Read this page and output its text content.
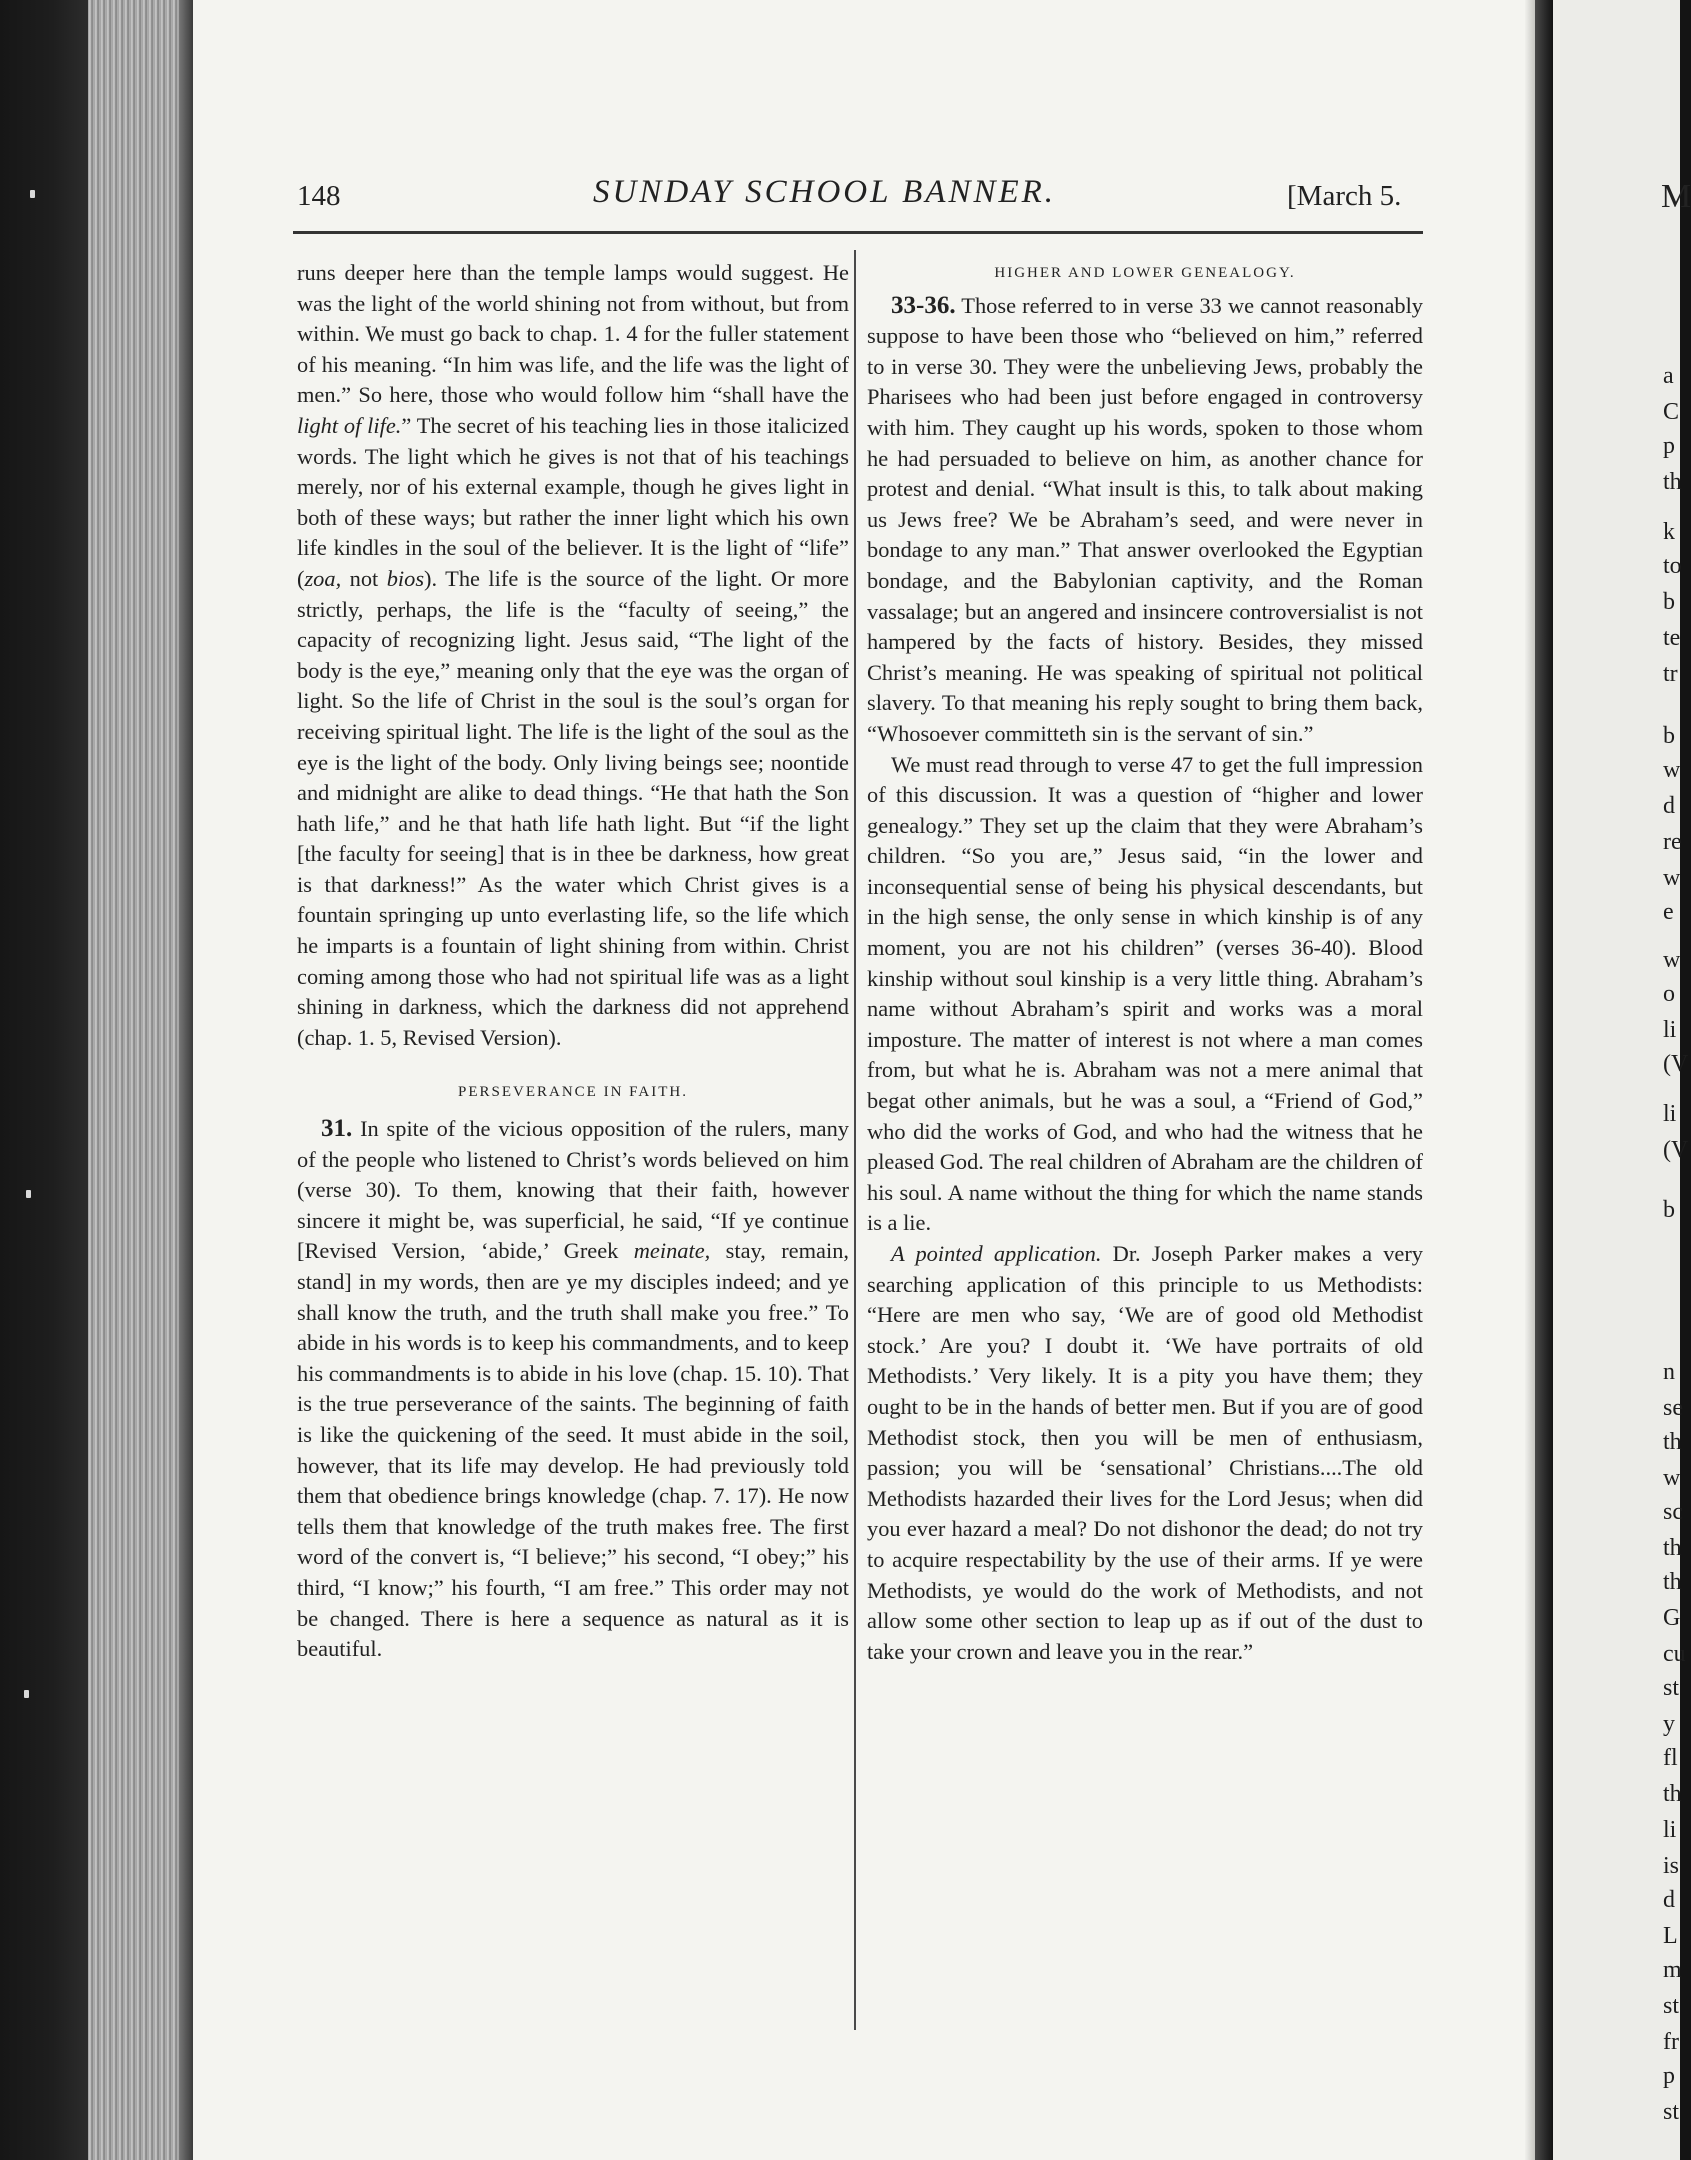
148	SUNDAY SCHOOL BANNER.	[March 5.

runs deeper here than the temple lamps would suggest. He was the light of the world shining not from without, but from within. We must go back to chap. 1. 4 for the fuller statement of his meaning. “In him was life, and the life was the light of men.” So here, those who would follow him “shall have the light of life.” The secret of his teaching lies in those italicized words. The light which he gives is not that of his teachings merely, nor of his external example, though he gives light in both of these ways; but rather the inner light which his own life kindles in the soul of the believer. It is the light of “life” (zoa, not bios). The life is the source of the light. Or more strictly, perhaps, the life is the “faculty of seeing,” the capacity of recognizing light. Jesus said, “The light of the body is the eye,” meaning only that the eye was the organ of light. So the life of Christ in the soul is the soul’s organ for receiving spiritual light. The life is the light of the soul as the eye is the light of the body. Only living beings see; noontide and midnight are alike to dead things. “He that hath the Son hath life,” and he that hath life hath light. But “if the light [the faculty for seeing] that is in thee be darkness, how great is that darkness!” As the water which Christ gives is a fountain springing up unto everlasting life, so the life which he imparts is a fountain of light shining from within. Christ coming among those who had not spiritual life was as a light shining in darkness, which the darkness did not apprehend (chap. 1. 5, Revised Version).

PERSEVERANCE IN FAITH.

31. In spite of the vicious opposition of the rulers, many of the people who listened to Christ’s words believed on him (verse 30). To them, knowing that their faith, however sincere it might be, was superficial, he said, “If ye continue [Revised Version, ‘abide,’ Greek meinate, stay, remain, stand] in my words, then are ye my disciples indeed; and ye shall know the truth, and the truth shall make you free.” To abide in his words is to keep his commandments, and to keep his commandments is to abide in his love (chap. 15. 10). That is the true perseverance of the saints. The beginning of faith is like the quickening of the seed. It must abide in the soil, however, that its life may develop. He had previously told them that obedience brings knowledge (chap. 7. 17). He now tells them that knowledge of the truth makes free. The first word of the convert is, “I believe;” his second, “I obey;” his third, “I know;” his fourth, “I am free.” This order may not be changed. There is here a sequence as natural as it is beautiful.

HIGHER AND LOWER GENEALOGY.

33-36. Those referred to in verse 33 we cannot reasonably suppose to have been those who “believed on him,” referred to in verse 30. They were the unbelieving Jews, probably the Pharisees who had been just before engaged in controversy with him. They caught up his words, spoken to those whom he had persuaded to believe on him, as another chance for protest and denial. “What insult is this, to talk about making us Jews free? We be Abraham’s seed, and were never in bondage to any man.” That answer overlooked the Egyptian bondage, and the Babylonian captivity, and the Roman vassalage; but an angered and insincere controversialist is not hampered by the facts of history. Besides, they missed Christ’s meaning. He was speaking of spiritual not political slavery. To that meaning his reply sought to bring them back, “Whosoever committeth sin is the servant of sin.”

We must read through to verse 47 to get the full impression of this discussion. It was a question of “higher and lower genealogy.” They set up the claim that they were Abraham’s children. “So you are,” Jesus said, “in the lower and inconsequential sense of being his physical descendants, but in the high sense, the only sense in which kinship is of any moment, you are not his children” (verses 36-40). Blood kinship without soul kinship is a very little thing. Abraham’s name without Abraham’s spirit and works was a moral imposture. The matter of interest is not where a man comes from, but what he is. Abraham was not a mere animal that begat other animals, but he was a soul, a “Friend of God,” who did the works of God, and who had the witness that he pleased God. The real children of Abraham are the children of his soul. A name without the thing for which the name stands is a lie.

A pointed application. Dr. Joseph Parker makes a very searching application of this principle to us Methodists: “Here are men who say, ‘We are of good old Methodist stock.’ Are you? I doubt it. ‘We have portraits of old Methodists.’ Very likely. It is a pity you have them; they ought to be in the hands of better men. But if you are of good Methodist stock, then you will be men of enthusiasm, passion; you will be ‘sensational’ Christians....The old Methodists hazarded their lives for the Lord Jesus; when did you ever hazard a meal? Do not dishonor the dead; do not try to acquire respectability by the use of their arms. If ye were Methodists, ye would do the work of Methodists, and not allow some other section to leap up as if out of the dust to take your crown and leave you in the rear.”

M
a
C
p
th
k
to
b
te
tr
b
w
d
re
w
e
w
o
li
(V
li
(V
b
n
se
th
w
sc
th
th
G
cu
st
y
fl
th
li
is
d
L
m
st
fr
p
st
